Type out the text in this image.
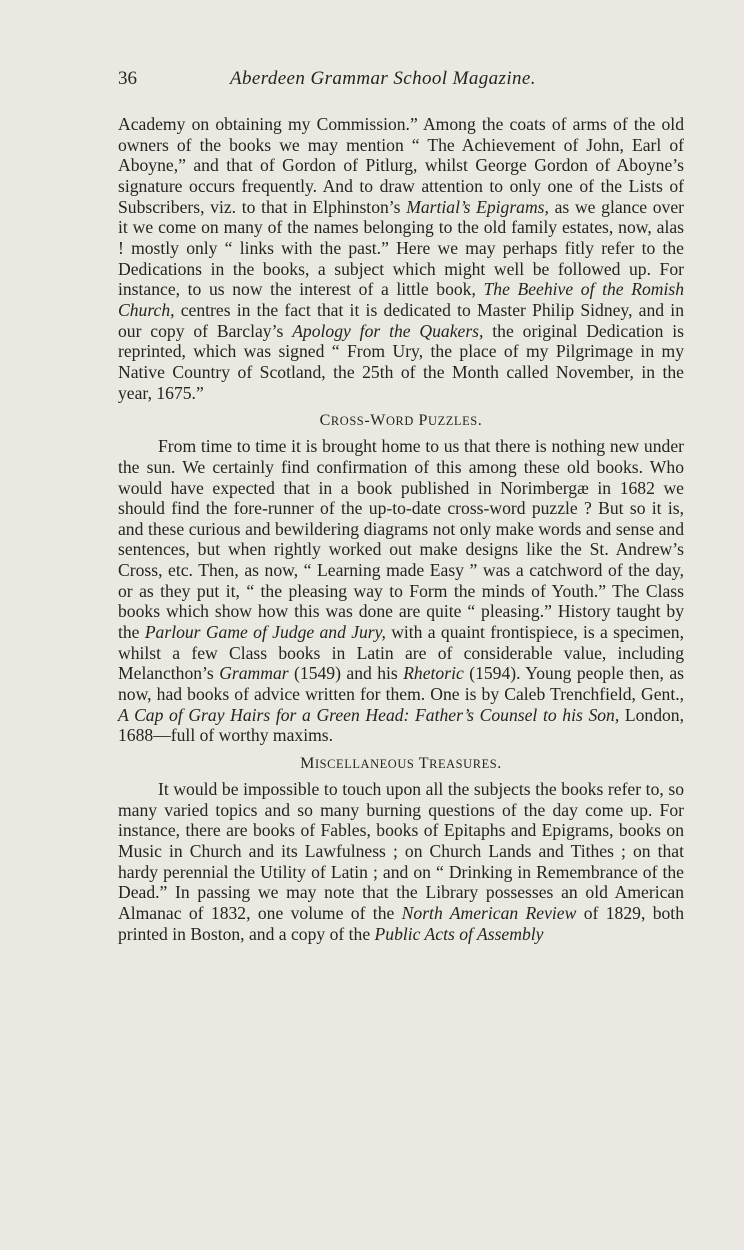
36	Aberdeen Grammar School Magazine.

Academy on obtaining my Commission.” Among the coats of arms of the old owners of the books we may mention “ The Achievement of John, Earl of Aboyne,” and that of Gordon of Pitlurg, whilst George Gordon of Aboyne’s signature occurs frequently. And to draw attention to only one of the Lists of Subscribers, viz. to that in Elphinston’s Martial’s Epigrams, as we glance over it we come on many of the names belonging to the old family estates, now, alas ! mostly only “ links with the past.” Here we may perhaps fitly refer to the Dedications in the books, a subject which might well be followed up. For instance, to us now the interest of a little book, The Beehive of the Romish Church, centres in the fact that it is dedicated to Master Philip Sidney, and in our copy of Barclay’s Apology for the Quakers, the original Dedication is reprinted, which was signed “ From Ury, the place of my Pilgrimage in my Native Country of Scotland, the 25th of the Month called November, in the year, 1675.”

CROSS-WORD PUZZLES.

From time to time it is brought home to us that there is nothing new under the sun. We certainly find confirmation of this among these old books. Who would have expected that in a book published in Norimbergæ in 1682 we should find the fore-runner of the up-to-date cross-word puzzle ? But so it is, and these curious and bewildering diagrams not only make words and sense and sentences, but when rightly worked out make designs like the St. Andrew’s Cross, etc. Then, as now, “ Learning made Easy ” was a catchword of the day, or as they put it, “ the pleasing way to Form the minds of Youth.” The Class books which show how this was done are quite “ pleasing.” History taught by the Parlour Game of Judge and Jury, with a quaint frontispiece, is a specimen, whilst a few Class books in Latin are of considerable value, including Melancthon’s Grammar (1549) and his Rhetoric (1594). Young people then, as now, had books of advice written for them. One is by Caleb Trenchfield, Gent., A Cap of Gray Hairs for a Green Head: Father’s Counsel to his Son, London, 1688—full of worthy maxims.

MISCELLANEOUS TREASURES.

It would be impossible to touch upon all the subjects the books refer to, so many varied topics and so many burning questions of the day come up. For instance, there are books of Fables, books of Epitaphs and Epigrams, books on Music in Church and its Lawfulness ; on Church Lands and Tithes ; on that hardy perennial the Utility of Latin ; and on “ Drinking in Remembrance of the Dead.” In passing we may note that the Library possesses an old American Almanac of 1832, one volume of the North American Review of 1829, both printed in Boston, and a copy of the Public Acts of Assembly
